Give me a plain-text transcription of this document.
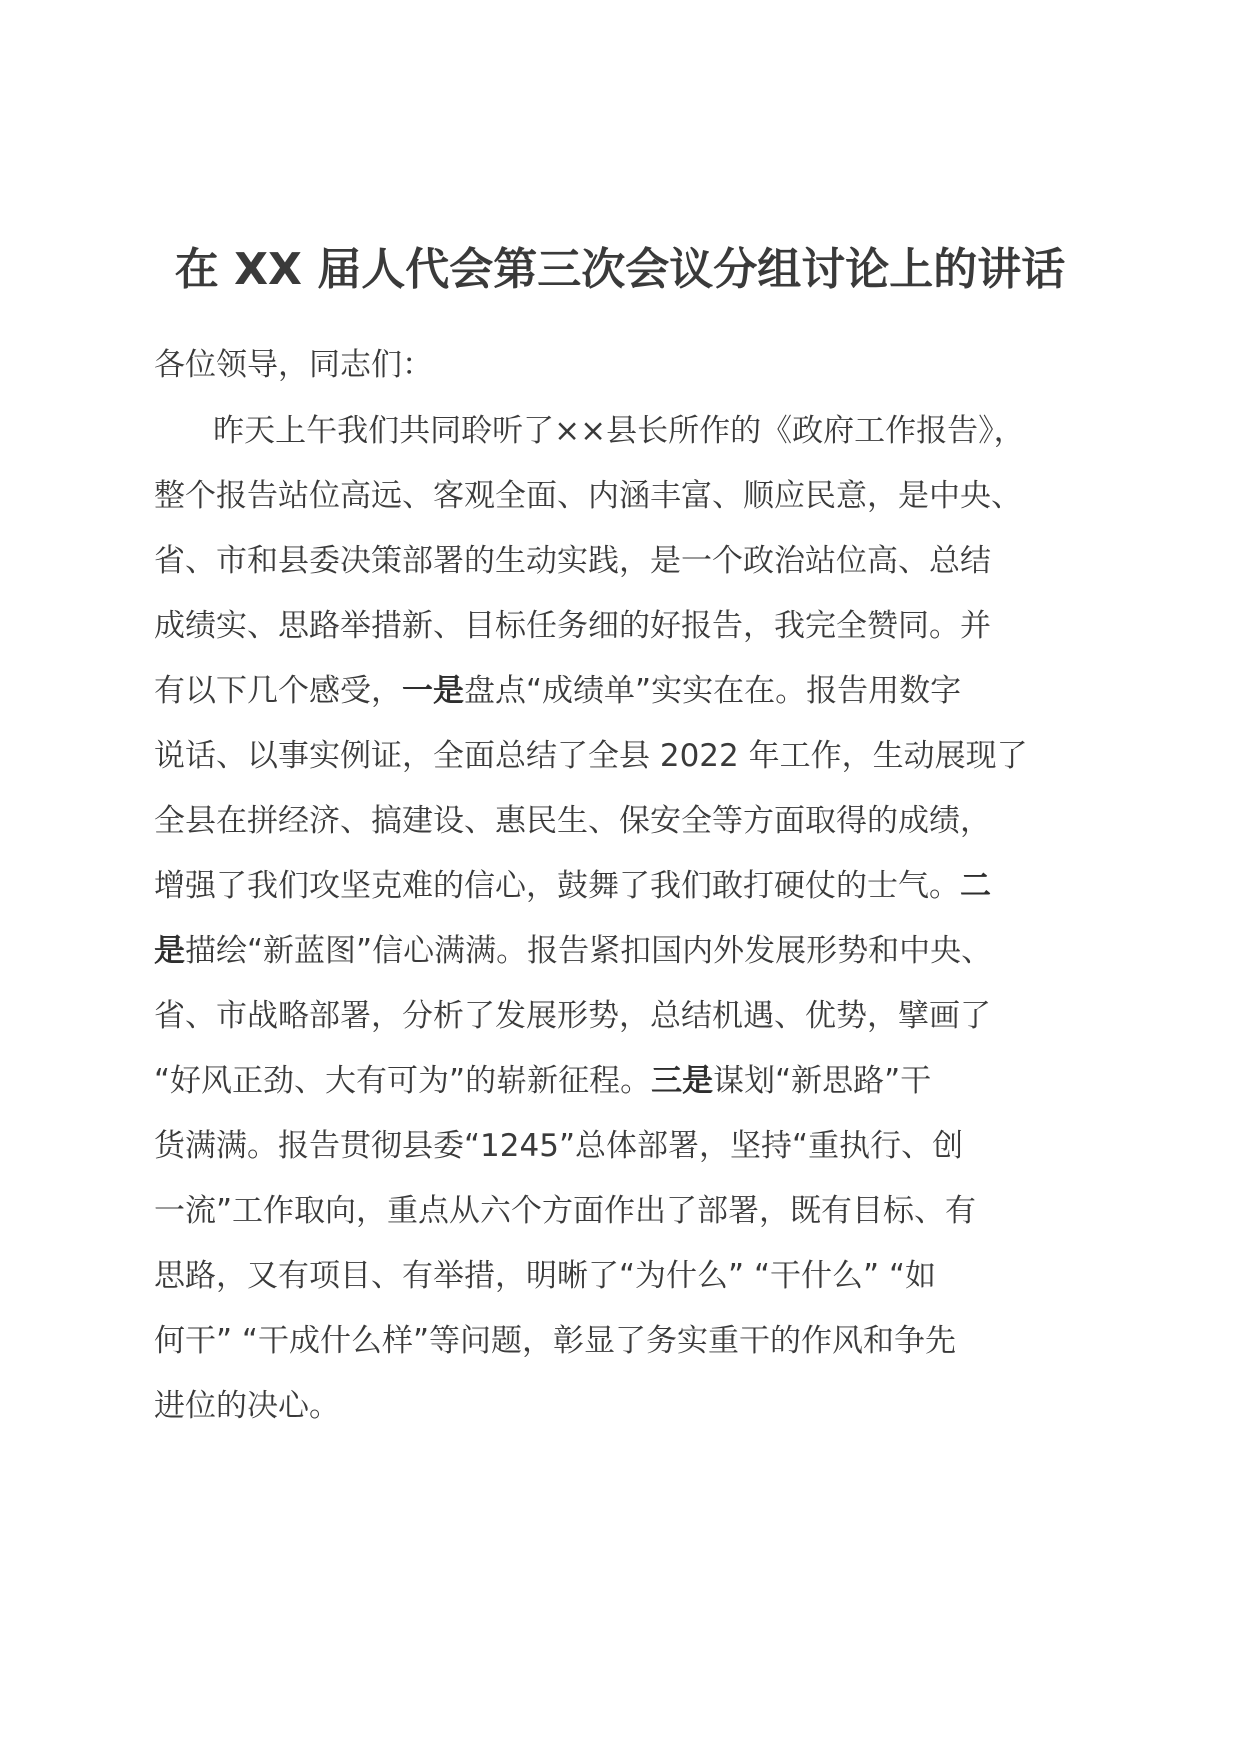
在 XX 届人代会第三次会议分组讨论上的讲话

各位领导，同志们：

昨天上午我们共同聆听了××县长所作的《政府工作报告》，
整个报告站位高远、客观全面、内涵丰富、顺应民意，是中央、
省、市和县委决策部署的生动实践，是一个政治站位高、总结
成绩实、思路举措新、目标任务细的好报告，我完全赞同。并
有以下几个感受，一是盘点“成绩单”实实在在。报告用数字
说话、以事实例证，全面总结了全县 2022 年工作，生动展现了
全县在拼经济、搞建设、惠民生、保安全等方面取得的成绩，
增强了我们攻坚克难的信心，鼓舞了我们敢打硬仗的士气。二
是描绘“新蓝图”信心满满。报告紧扣国内外发展形势和中央、
省、市战略部署，分析了发展形势，总结机遇、优势，擘画了
“好风正劲、大有可为”的崭新征程。三是谋划“新思路”干
货满满。报告贯彻县委“1245”总体部署，坚持“重执行、创
一流”工作取向，重点从六个方面作出了部署，既有目标、有
思路，又有项目、有举措，明晰了“为什么” “干什么” “如
何干” “干成什么样”等问题，彰显了务实重干的作风和争先
进位的决心。
